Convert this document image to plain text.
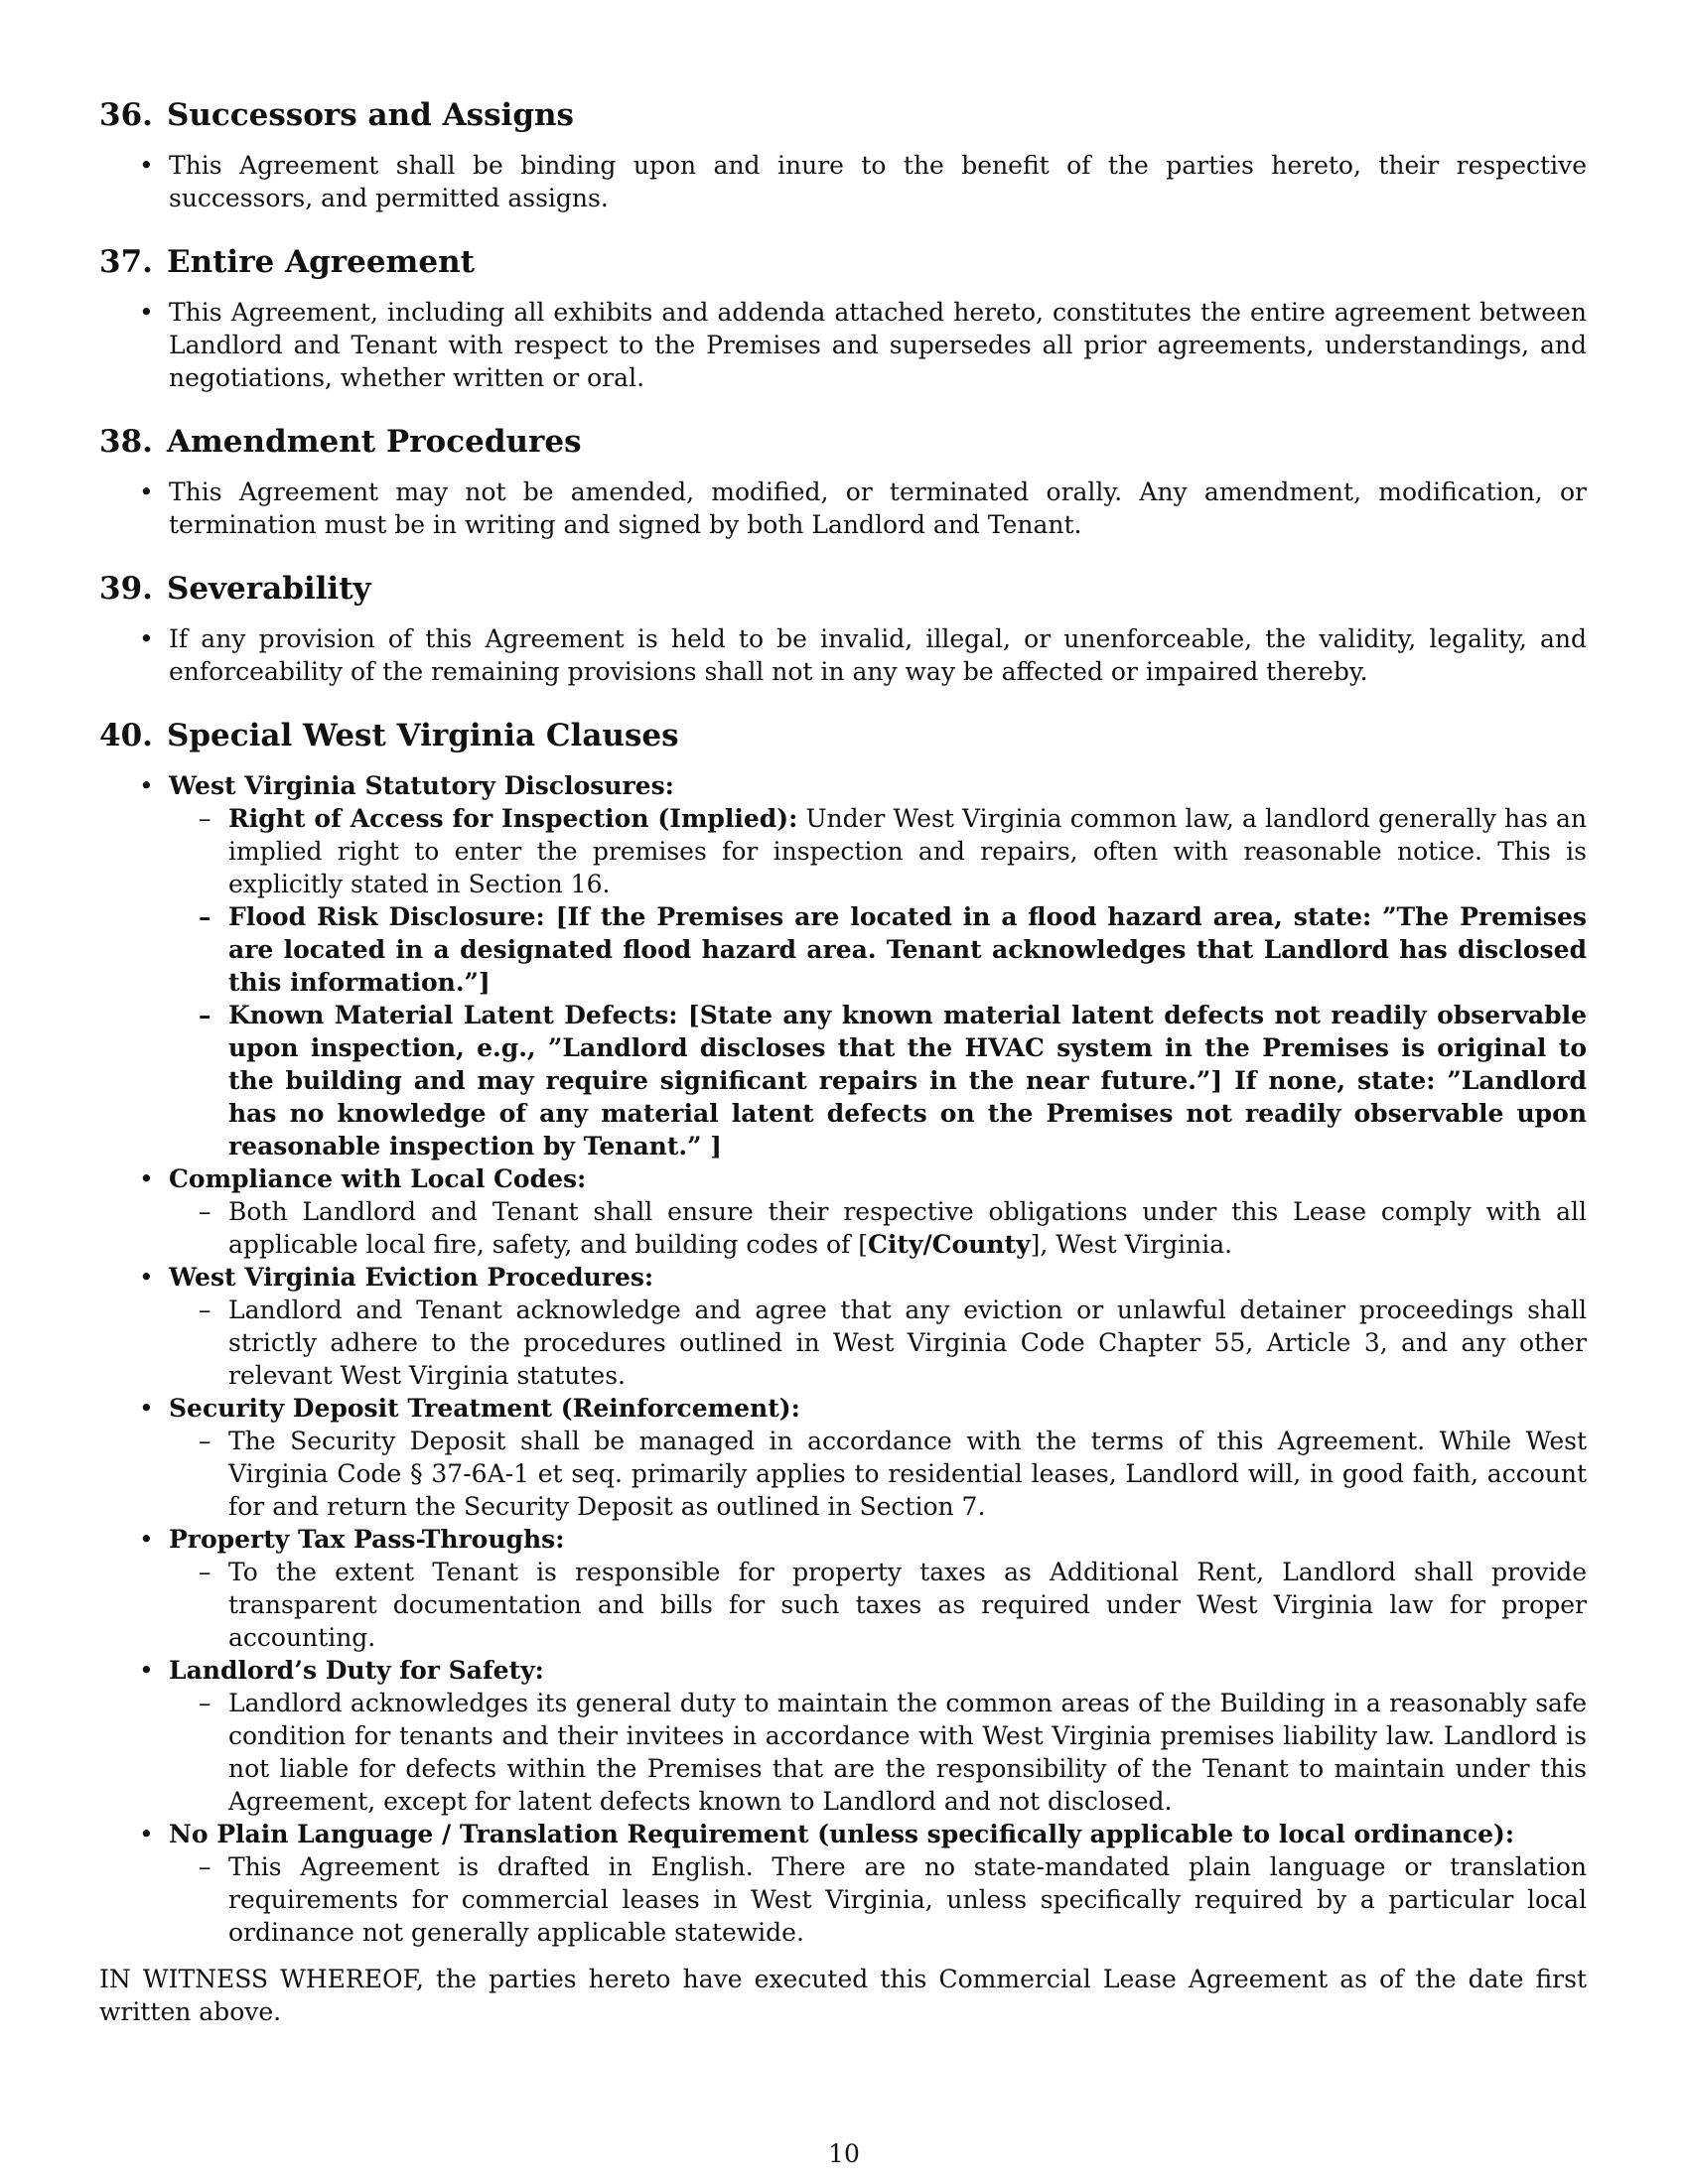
36. Successors and Assigns
• This Agreement shall be binding upon and inure to the benefit of the parties hereto, their respective successors, and permitted assigns.
37. Entire Agreement
• This Agreement, including all exhibits and addenda attached hereto, constitutes the entire agreement between Landlord and Tenant with respect to the Premises and supersedes all prior agreements, understandings, and negotiations, whether written or oral.
38. Amendment Procedures
• This Agreement may not be amended, modified, or terminated orally. Any amendment, modification, or termination must be in writing and signed by both Landlord and Tenant.
39. Severability
• If any provision of this Agreement is held to be invalid, illegal, or unenforceable, the validity, legality, and enforceability of the remaining provisions shall not in any way be affected or impaired thereby.
40. Special West Virginia Clauses
• West Virginia Statutory Disclosures:
– Right of Access for Inspection (Implied): Under West Virginia common law, a landlord generally has an implied right to enter the premises for inspection and repairs, often with reasonable notice. This is explicitly stated in Section 16.
– Flood Risk Disclosure: [If the Premises are located in a flood hazard area, state: ”The Premises are located in a designated flood hazard area. Tenant acknowledges that Landlord has disclosed this information.”]
– Known Material Latent Defects: [State any known material latent defects not readily observable upon inspection, e.g., ”Landlord discloses that the HVAC system in the Premises is original to the building and may require significant repairs in the near future.”] If none, state: ”Landlord has no knowledge of any material latent defects on the Premises not readily observable upon reasonable inspection by Tenant.” ]
• Compliance with Local Codes:
– Both Landlord and Tenant shall ensure their respective obligations under this Lease comply with all applicable local fire, safety, and building codes of [City/County], West Virginia.
• West Virginia Eviction Procedures:
– Landlord and Tenant acknowledge and agree that any eviction or unlawful detainer proceedings shall strictly adhere to the procedures outlined in West Virginia Code Chapter 55, Article 3, and any other relevant West Virginia statutes.
• Security Deposit Treatment (Reinforcement):
– The Security Deposit shall be managed in accordance with the terms of this Agreement. While West Virginia Code § 37-6A-1 et seq. primarily applies to residential leases, Landlord will, in good faith, account for and return the Security Deposit as outlined in Section 7.
• Property Tax Pass-Throughs:
– To the extent Tenant is responsible for property taxes as Additional Rent, Landlord shall provide transparent documentation and bills for such taxes as required under West Virginia law for proper accounting.
• Landlord’s Duty for Safety:
– Landlord acknowledges its general duty to maintain the common areas of the Building in a reasonably safe condition for tenants and their invitees in accordance with West Virginia premises liability law. Landlord is not liable for defects within the Premises that are the responsibility of the Tenant to maintain under this Agreement, except for latent defects known to Landlord and not disclosed.
• No Plain Language / Translation Requirement (unless specifically applicable to local ordinance):
– This Agreement is drafted in English. There are no state-mandated plain language or translation requirements for commercial leases in West Virginia, unless specifically required by a particular local ordinance not generally applicable statewide.

IN WITNESS WHEREOF, the parties hereto have executed this Commercial Lease Agreement as of the date first written above.

10
